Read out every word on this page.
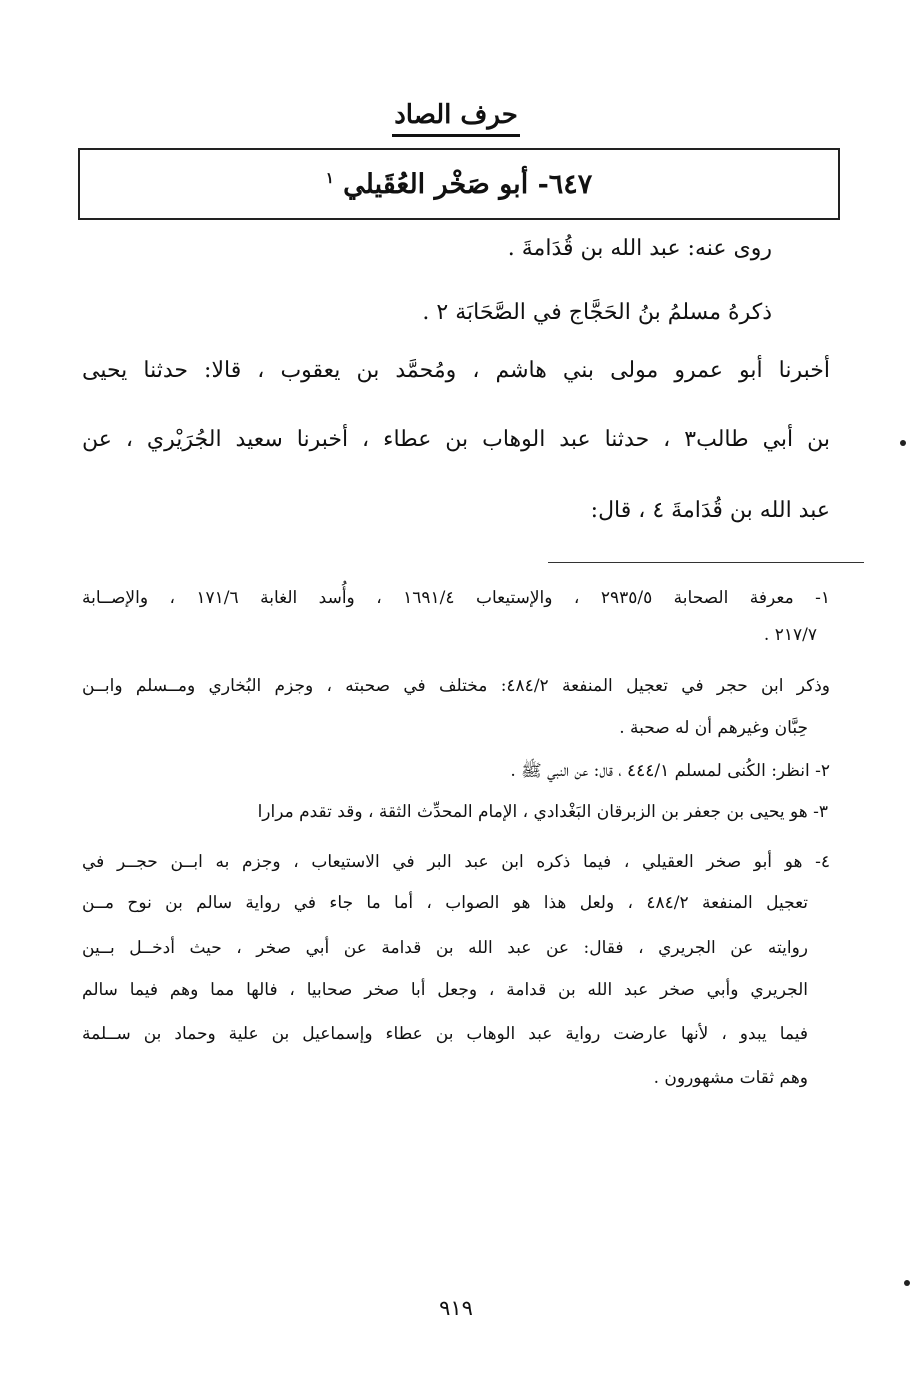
حرف الصاد
٦٤٧- أبو صَخْر العُقَيلي $^١$
روى عنه: عبد الله بن قُدَامةَ .
ذكرهُ مسلمُ بنُ الحَجَّاج في الصَّحَابَة ٢ .
أخبرنا أبو عمرو مولى بني هاشم ، ومُحمَّد بن يعقوب ، قالا: حدثنا يحيى
بن أبي طالب٣ ، حدثنا عبد الوهاب بن عطاء ، أخبرنا سعيد الجُرَيْري ، عن
عبد الله بن قُدَامةَ ٤ ، قال:
١- معرفة الصحابة ٢٩٣٥/٥ ، والإستيعاب ١٦٩١/٤ ، وأُسد الغابة ١٧١/٦ ، والإصــابة
٢١٧/٧ .
وذكر ابن حجر في تعجيل المنفعة ٤٨٤/٢: مختلف في صحبته ، وجزم البُخاري ومــسلم وابــن
حِبَّان وغيرهم أن له صحبة .
٢- انظر: الكُنى لمسلم ٤٤٤/١ ، قال: عن النبي ﷺ .
٣- هو يحيى بن جعفر بن الزبرقان البَغْدادي ، الإمام المحدِّث الثقة ، وقد تقدم مرارا
٤- هو أبو صخر العقيلي ، فيما ذكره ابن عبد البر في الاستيعاب ، وجزم به ابــن حجــر في
تعجيل المنفعة ٤٨٤/٢ ، ولعل هذا هو الصواب ، أما ما جاء في رواية سالم بن نوح مــن
روايته عن الجريري ، فقال: عن عبد الله بن قدامة عن أبي صخر ، حيث أدخــل بــين
الجريري وأبي صخر عبد الله بن قدامة ، وجعل أبا صخر صحابيا ، فالها مما وهم فيما سالم
فيما يبدو ، لأنها عارضت رواية عبد الوهاب بن عطاء وإسماعيل بن علية وحماد بن ســلمة
وهم ثقات مشهورون .
٩١٩
